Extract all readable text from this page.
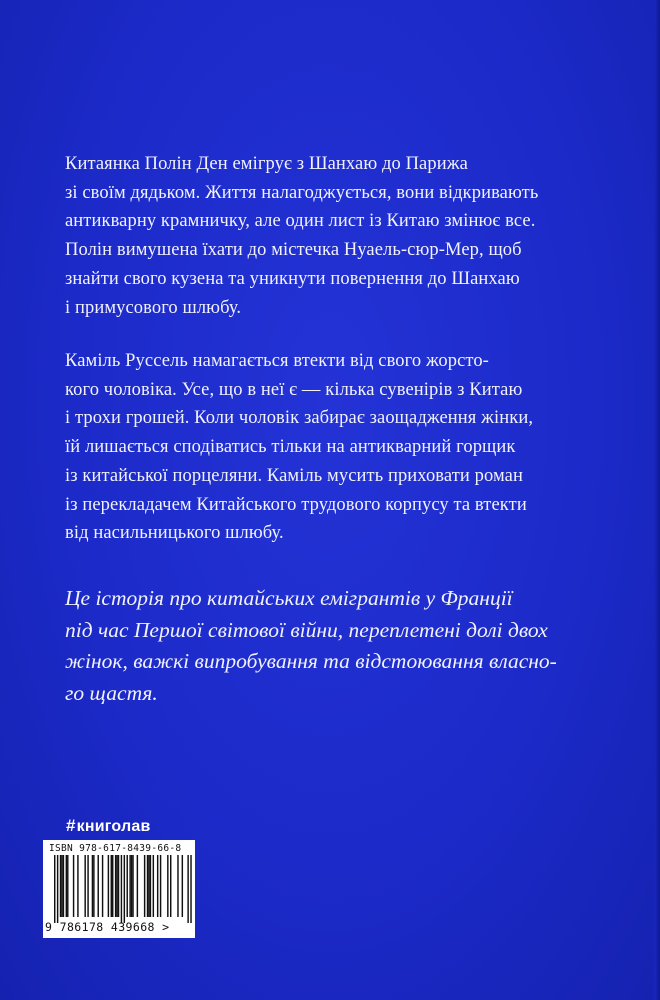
Китаянка Полін Ден емігрує з Шанхаю до Парижа
зі своїм дядьком. Життя налагоджується, вони відкривають
антикварну крамничку, але один лист із Китаю змінює все.
Полін вимушена їхати до містечка Нуаель-сюр-Мер, щоб
знайти свого кузена та уникнути повернення до Шанхаю
і примусового шлюбу.

Каміль Руссель намагається втекти від свого жорсто-
кого чоловіка. Усе, що в неї є — кілька сувенірів з Китаю
і трохи грошей. Коли чоловік забирає заощадження жінки,
їй лишається сподіватись тільки на антикварний горщик
із китайської порцеляни. Каміль мусить приховати роман
із перекладачем Китайського трудового корпусу та втекти
від насильницького шлюбу.

Це історія про китайських емігрантів у Франції
під час Першої світової війни, переплетені долі двох
жінок, важкі випробування та відстоювання власно-
го щастя.

#книголав
ISBN 978-617-8439-66-8
9 786178 439668 >
